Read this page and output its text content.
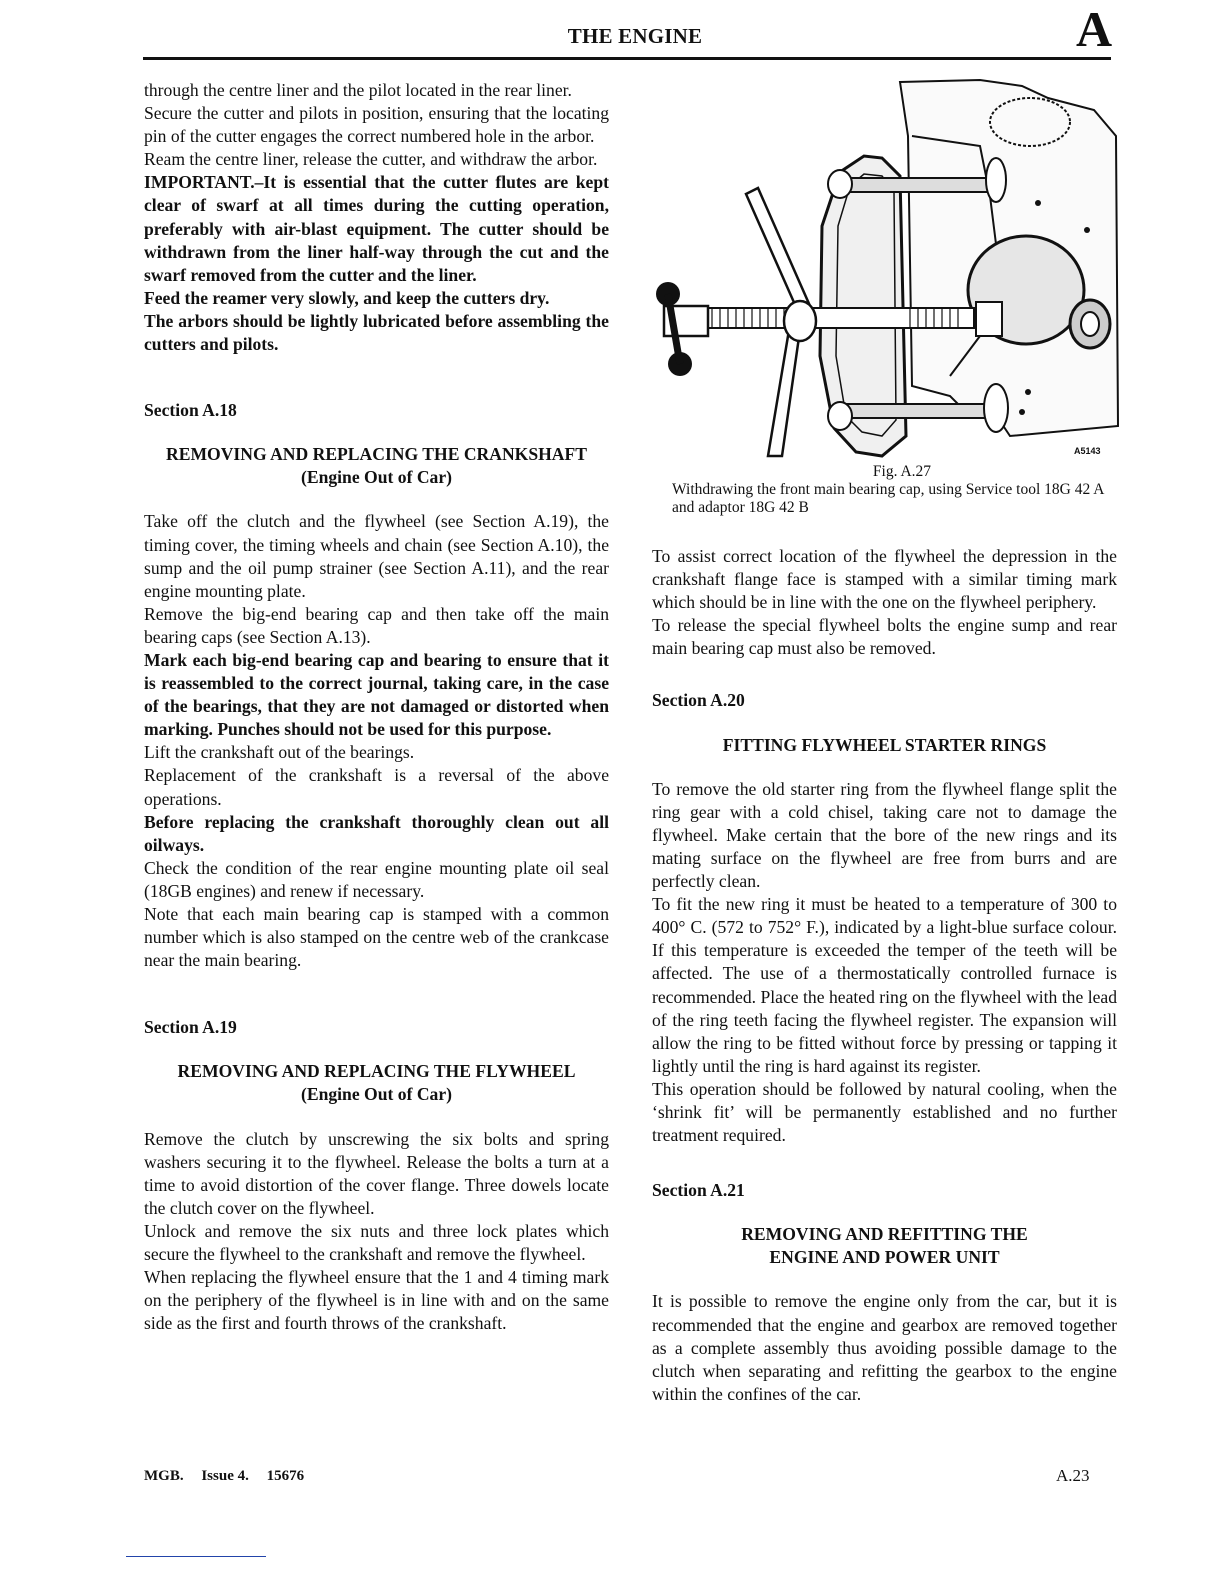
THE ENGINE	A

through the centre liner and the pilot located in the rear liner.

Secure the cutter and pilots in position, ensuring that the locating pin of the cutter engages the correct numbered hole in the arbor.

Ream the centre liner, release the cutter, and withdraw the arbor.

IMPORTANT.–It is essential that the cutter flutes are kept clear of swarf at all times during the cutting operation, preferably with air-blast equipment. The cutter should be withdrawn from the liner half-way through the cut and the swarf removed from the cutter and the liner.

Feed the reamer very slowly, and keep the cutters dry.

The arbors should be lightly lubricated before assembling the cutters and pilots.

Section A.18

REMOVING AND REPLACING THE CRANKSHAFT

(Engine Out of Car)

Take off the clutch and the flywheel (see Section A.19), the timing cover, the timing wheels and chain (see Section A.10), the sump and the oil pump strainer (see Section A.11), and the rear engine mounting plate.

Remove the big-end bearing cap and then take off the main bearing caps (see Section A.13).

Mark each big-end bearing cap and bearing to ensure that it is reassembled to the correct journal, taking care, in the case of the bearings, that they are not damaged or distorted when marking. Punches should not be used for this purpose.

Lift the crankshaft out of the bearings.

Replacement of the crankshaft is a reversal of the above operations.

Before replacing the crankshaft thoroughly clean out all oilways.

Check the condition of the rear engine mounting plate oil seal (18GB engines) and renew if necessary.

Note that each main bearing cap is stamped with a common number which is also stamped on the centre web of the crankcase near the main bearing.

Section A.19

REMOVING AND REPLACING THE FLYWHEEL

(Engine Out of Car)

Remove the clutch by unscrewing the six bolts and spring washers securing it to the flywheel. Release the bolts a turn at a time to avoid distortion of the cover flange. Three dowels locate the clutch cover on the flywheel.

Unlock and remove the six nuts and three lock plates which secure the flywheel to the crankshaft and remove the flywheel.

When replacing the flywheel ensure that the 1 and 4 timing mark on the periphery of the flywheel is in line with and on the same side as the first and fourth throws of the crankshaft.

A5143
Fig. A.27
Withdrawing the front main bearing cap, using Service tool 18G 42 A and adaptor 18G 42 B

To assist correct location of the flywheel the depression in the crankshaft flange face is stamped with a similar timing mark which should be in line with the one on the flywheel periphery.

To release the special flywheel bolts the engine sump and rear main bearing cap must also be removed.

Section A.20

FITTING FLYWHEEL STARTER RINGS

To remove the old starter ring from the flywheel flange split the ring gear with a cold chisel, taking care not to damage the flywheel. Make certain that the bore of the new rings and its mating surface on the flywheel are free from burrs and are perfectly clean.

To fit the new ring it must be heated to a temperature of 300 to 400° C. (572 to 752° F.), indicated by a light-blue surface colour. If this temperature is exceeded the temper of the teeth will be affected. The use of a thermostatically controlled furnace is recommended. Place the heated ring on the flywheel with the lead of the ring teeth facing the flywheel register. The expansion will allow the ring to be fitted without force by pressing or tapping it lightly until the ring is hard against its register.

This operation should be followed by natural cooling, when the ‘shrink fit’ will be permanently established and no further treatment required.

Section A.21

REMOVING AND REFITTING THE

ENGINE AND POWER UNIT

It is possible to remove the engine only from the car, but it is recommended that the engine and gearbox are removed together as a complete assembly thus avoiding possible damage to the clutch when separating and refitting the gearbox to the engine within the confines of the car.

MGB. Issue 4. 15676	A.23
